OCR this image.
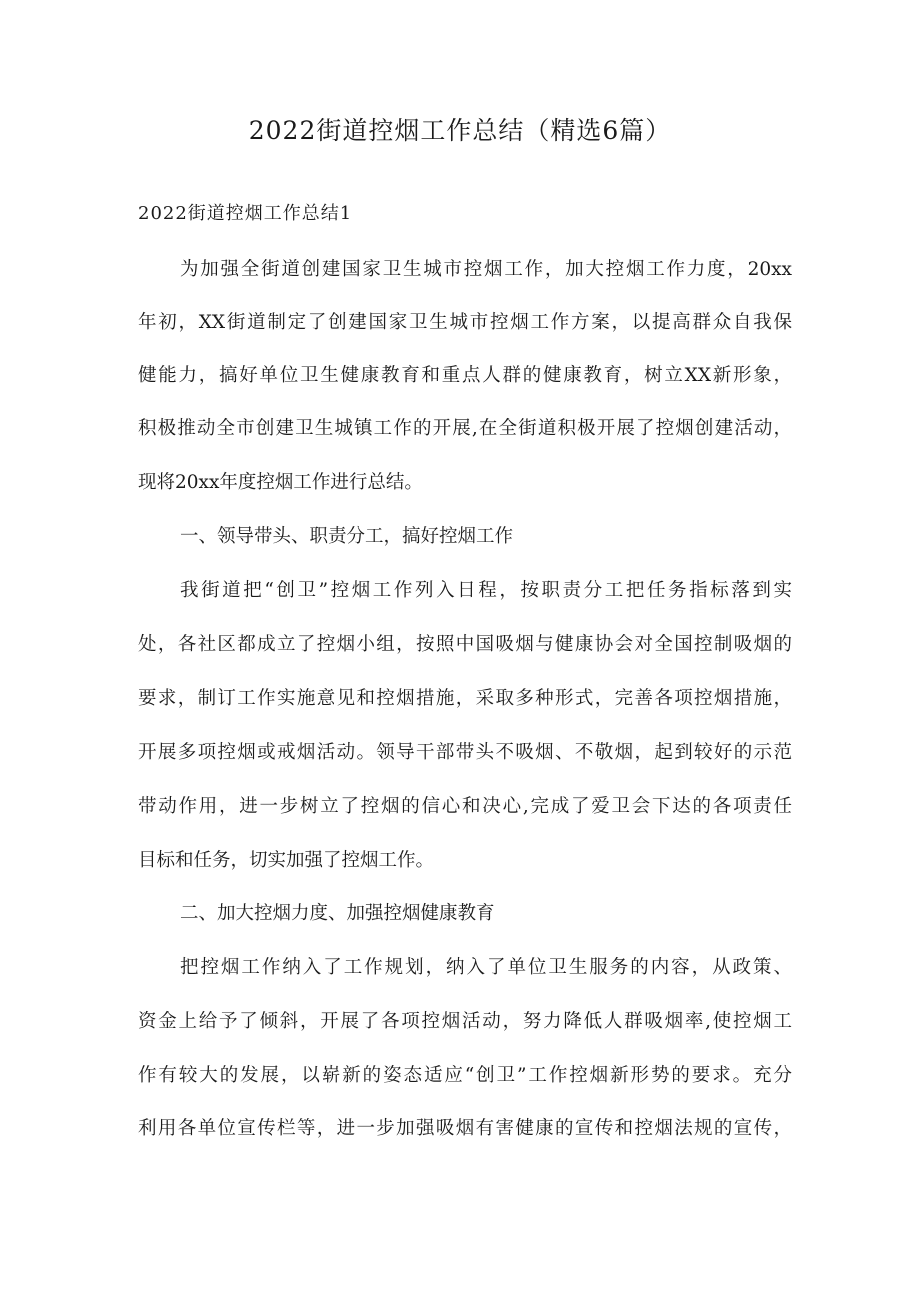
2022街道控烟工作总结（精选6篇）
2022街道控烟工作总结1

为加强全街道创建国家卫生城市控烟工作，加大控烟工作力度，20xx

年初，XX街道制定了创建国家卫生城市控烟工作方案，以提高群众自我保

健能力，搞好单位卫生健康教育和重点人群的健康教育，树立XX新形象，

积极推动全市创建卫生城镇工作的开展,在全街道积极开展了控烟创建活动，

现将20xx年度控烟工作进行总结。

一、领导带头、职责分工，搞好控烟工作

我街道把“创卫”控烟工作列入日程，按职责分工把任务指标落到实

处，各社区都成立了控烟小组，按照中国吸烟与健康协会对全国控制吸烟的

要求，制订工作实施意见和控烟措施，采取多种形式，完善各项控烟措施，

开展多项控烟或戒烟活动。领导干部带头不吸烟、不敬烟，起到较好的示范

带动作用，进一步树立了控烟的信心和决心,完成了爱卫会下达的各项责任

目标和任务，切实加强了控烟工作。

二、加大控烟力度、加强控烟健康教育

把控烟工作纳入了工作规划，纳入了单位卫生服务的内容，从政策、

资金上给予了倾斜，开展了各项控烟活动，努力降低人群吸烟率,使控烟工

作有较大的发展，以崭新的姿态适应“创卫”工作控烟新形势的要求。充分

利用各单位宣传栏等，进一步加强吸烟有害健康的宣传和控烟法规的宣传，
